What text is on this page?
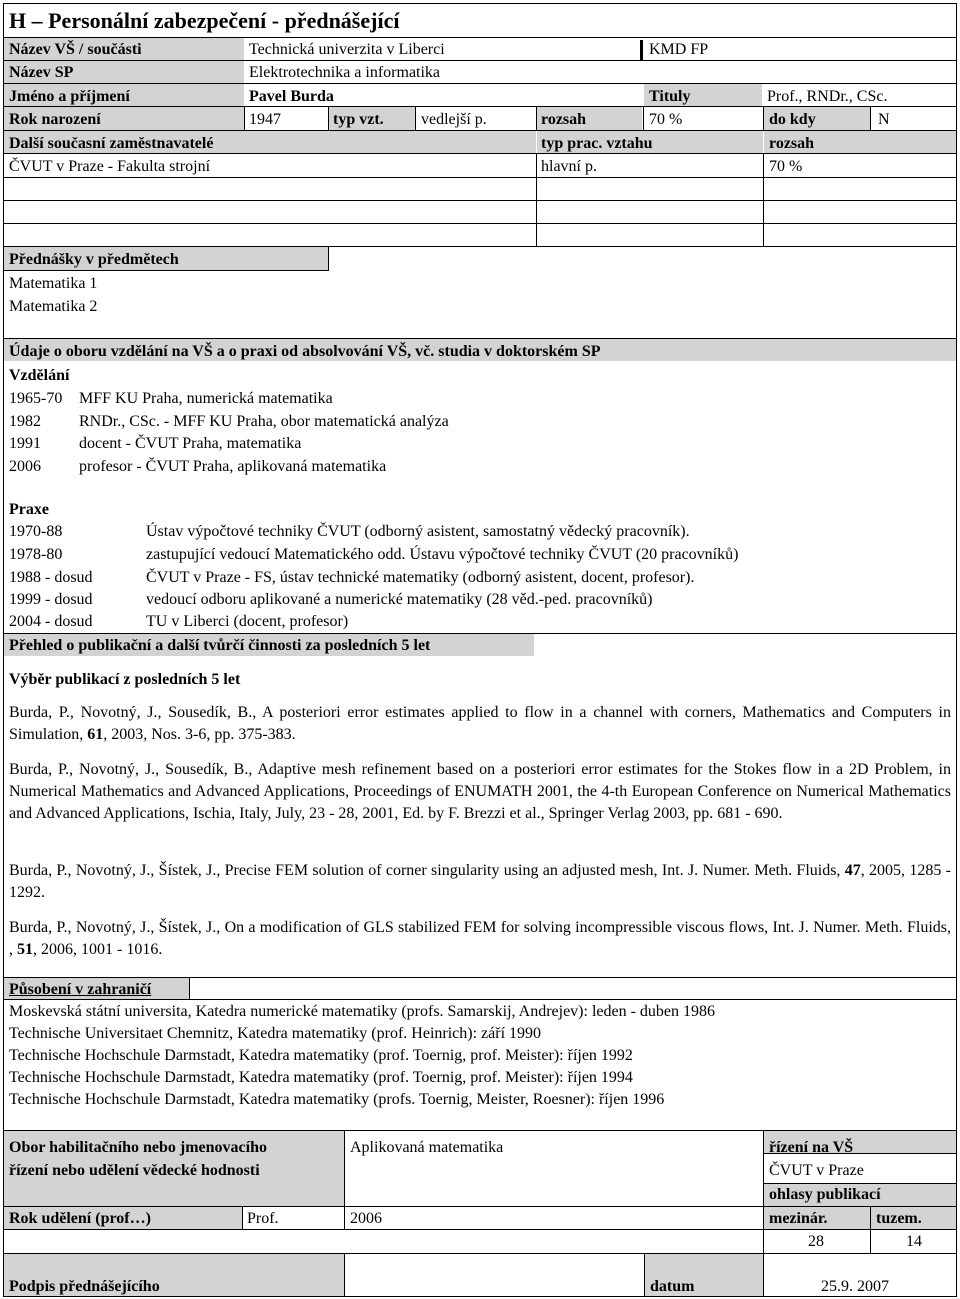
H – Personální zabezpečení - přednášející
Název VŠ / součásti	Technická univerzita v Liberci	KMD FP
Název SP	Elektrotechnika a informatika
Jméno a příjmení	Pavel Burda	Tituly	Prof., RNDr., CSc.
Rok narození	1947	typ vzt. vedlejší p.	rozsah	70 %	do kdy	N
Další současní zaměstnavatelé	typ prac. vztahu	rozsah
ČVUT v Praze - Fakulta strojní	hlavní p.	70 %
Přednášky v předmětech
Matematika 1
Matematika 2
Údaje o oboru vzdělání na VŠ a o praxi od absolvování VŠ, vč. studia v doktorském SP
Vzdělání
1965-70 MFF KU Praha, numerická matematika
1982 RNDr., CSc. - MFF KU Praha, obor matematická analýza
1991 docent - ČVUT Praha, matematika
2006 profesor - ČVUT Praha, aplikovaná matematika
Praxe
1970-88	Ústav výpočtové techniky ČVUT (odborný asistent, samostatný vědecký pracovník).
1978-80	zastupující vedoucí Matematického odd. Ústavu výpočtové techniky ČVUT (20 pracovníků)
1988 - dosud	ČVUT v Praze - FS, ústav technické matematiky (odborný asistent, docent, profesor).
1999 - dosud	vedoucí odboru aplikované a numerické matematiky (28 věd.-ped. pracovníků)
2004 - dosud	TU v Liberci (docent, profesor)
Přehled o publikační a další tvůrčí činnosti za posledních 5 let
Výběr publikací z posledních 5 let
Burda, P., Novotný, J., Sousedík, B., A posteriori error estimates applied to flow in a channel with corners, Mathematics and Computers in Simulation, 61, 2003, Nos. 3-6, pp. 375-383.
Burda, P., Novotný, J., Sousedík, B., Adaptive mesh refinement based on a posteriori error estimates for the Stokes flow in a 2D Problem, in Numerical Mathematics and Advanced Applications, Proceedings of ENUMATH 2001, the 4-th European Conference on Numerical Mathematics and Advanced Applications, Ischia, Italy, July, 23 - 28, 2001, Ed. by F. Brezzi et al., Springer Verlag 2003, pp. 681 - 690.
Burda, P., Novotný, J., Šístek, J., Precise FEM solution of corner singularity using an adjusted mesh, Int. J. Numer. Meth. Fluids, 47, 2005, 1285 - 1292.
Burda, P., Novotný, J., Šístek, J., On a modification of GLS stabilized FEM for solving incompressible viscous flows, Int. J. Numer. Meth. Fluids, , 51, 2006, 1001 - 1016.
Působení v zahraničí
Moskevská státní universita, Katedra numerické matematiky (profs. Samarskij, Andrejev): leden - duben 1986
Technische Universitaet Chemnitz, Katedra matematiky (prof. Heinrich): září 1990
Technische Hochschule Darmstadt, Katedra matematiky (prof. Toernig, prof. Meister): říjen 1992
Technische Hochschule Darmstadt, Katedra matematiky (prof. Toernig, prof. Meister): říjen 1994
Technische Hochschule Darmstadt, Katedra matematiky (profs. Toernig, Meister, Roesner): říjen 1996
Obor habilitačního nebo jmenovacího
řízení nebo udělení vědecké hodnosti
Aplikovaná matematika	řízení na VŠ
ČVUT v Praze
ohlasy publikací
Rok udělení (prof…)	Prof.	2006	mezinár.	tuzem.
28	14
Podpis přednášejícího	datum	25.9. 2007
